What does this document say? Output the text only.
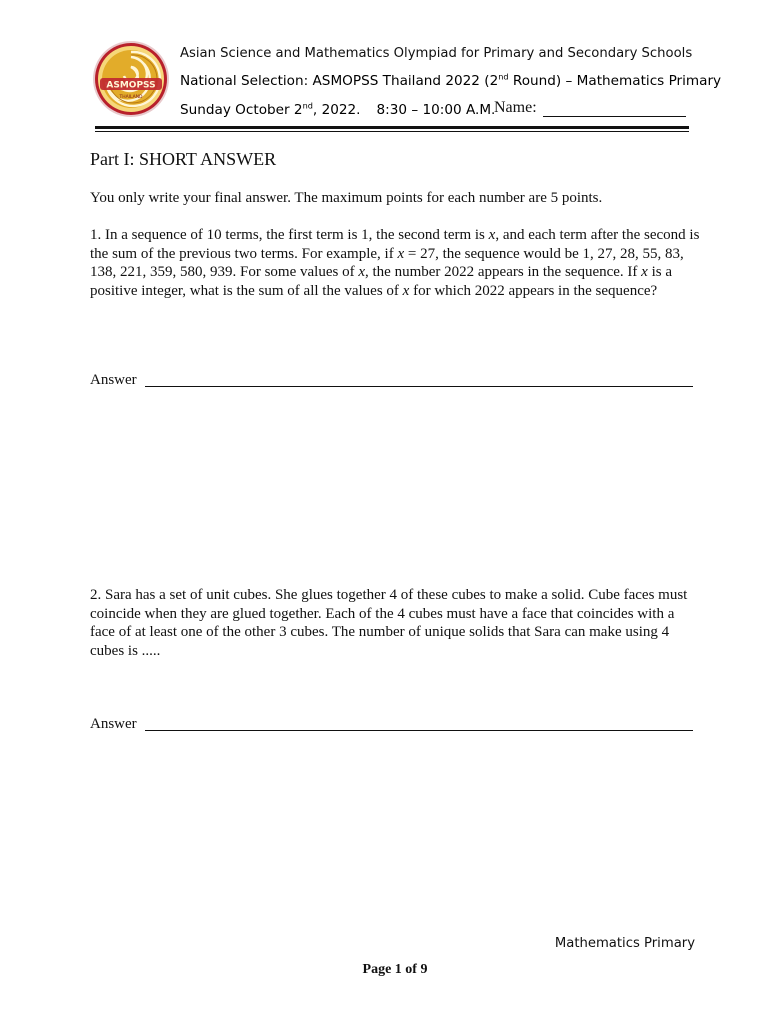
ASMOPSS
THAILAND
Asian Science and Mathematics Olympiad for Primary and Secondary Schools
National Selection: ASMOPSS Thailand 2022 (2nd Round) – Mathematics Primary
Sunday October 2nd, 2022. 8:30 – 10:00 A.M.
Name:
Part I: SHORT ANSWER
You only write your final answer. The maximum points for each number are 5 points.
1. In a sequence of 10 terms, the first term is 1, the second term is x, and each term after the second is the sum of the previous two terms. For example, if x = 27, the sequence would be 1, 27, 28, 55, 83, 138, 221, 359, 580, 939. For some values of x, the number 2022 appears in the sequence. If x is a positive integer, what is the sum of all the values of x for which 2022 appears in the sequence?
Answer
2. Sara has a set of unit cubes. She glues together 4 of these cubes to make a solid. Cube faces must coincide when they are glued together. Each of the 4 cubes must have a face that coincides with a face of at least one of the other 3 cubes. The number of unique solids that Sara can make using 4 cubes is .....
Answer
Mathematics Primary
Page 1 of 9
